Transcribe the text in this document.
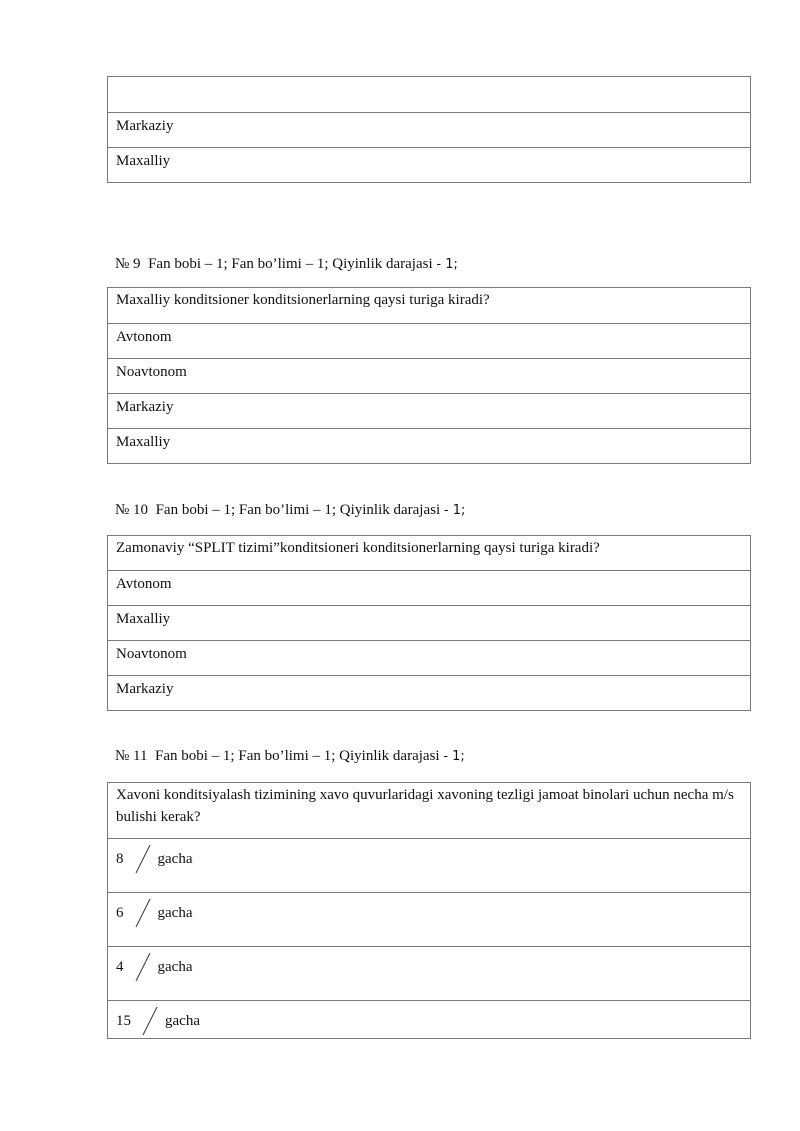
Markaziy
Maxalliy
№ 9 Fan bobi – 1; Fan bo’limi – 1; Qiyinlik darajasi - 1;
Maxalliy konditsioner konditsionerlarning qaysi turiga kiradi?
Avtonom
Noavtonom
Markaziy
Maxalliy
№ 10 Fan bobi – 1; Fan bo’limi – 1; Qiyinlik darajasi - 1;
Zamonaviy “SPLIT tizimi”konditsioneri konditsionerlarning qaysi turiga kiradi?
Avtonom
Maxalliy
Noavtonom
Markaziy
№ 11 Fan bobi – 1; Fan bo’limi – 1; Qiyinlik darajasi - 1;
Xavoni konditsiyalash tizimining xavo quvurlaridagi xavoning tezligi jamoat binolari uchun necha m/s bulishi kerak?

8 gacha

6 gacha

4 gacha

15 gacha
